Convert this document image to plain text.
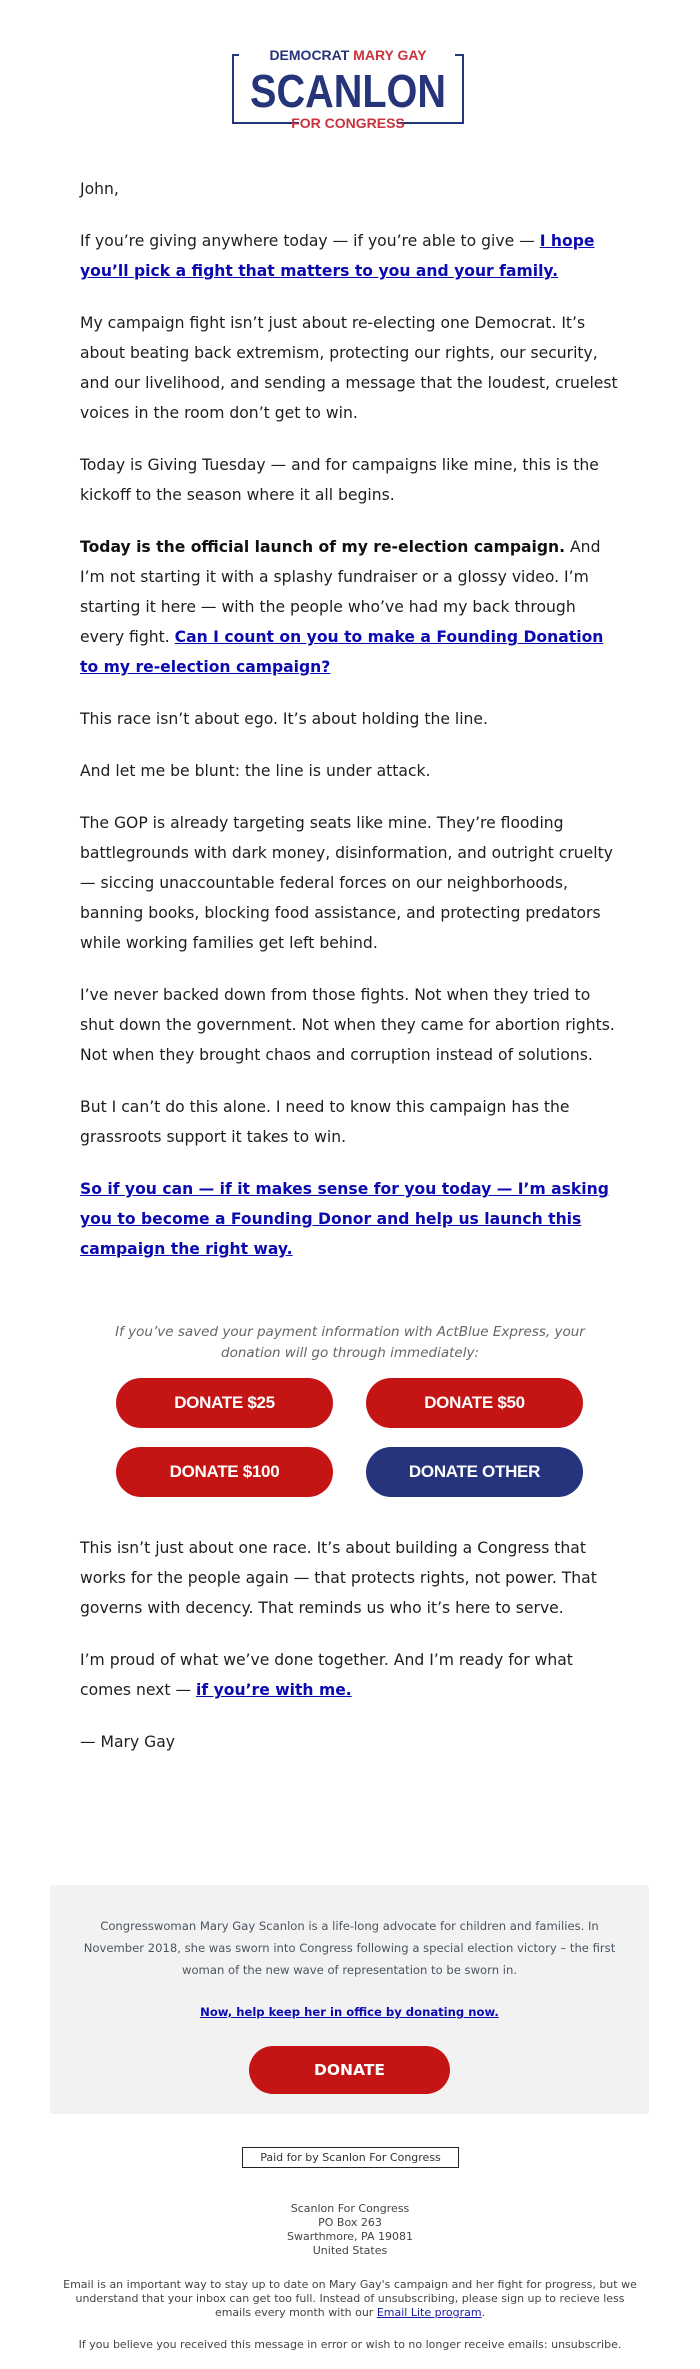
DEMOCRAT MARY GAY
SCANLON
FOR CONGRESS

John,

If you’re giving anywhere today — if you’re able to give — I hope you’ll pick a fight that matters to you and your family.

My campaign fight isn’t just about re-electing one Democrat. It’s about beating back extremism, protecting our rights, our security, and our livelihood, and sending a message that the loudest, cruelest voices in the room don’t get to win.

Today is Giving Tuesday — and for campaigns like mine, this is the kickoff to the season where it all begins.

Today is the official launch of my re-election campaign. And I’m not starting it with a splashy fundraiser or a glossy video. I’m starting it here — with the people who’ve had my back through every fight. Can I count on you to make a Founding Donation to my re-election campaign?

This race isn’t about ego. It’s about holding the line.

And let me be blunt: the line is under attack.

The GOP is already targeting seats like mine. They’re flooding battlegrounds with dark money, disinformation, and outright cruelty — siccing unaccountable federal forces on our neighborhoods, banning books, blocking food assistance, and protecting predators while working families get left behind.

I’ve never backed down from those fights. Not when they tried to shut down the government. Not when they came for abortion rights. Not when they brought chaos and corruption instead of solutions.

But I can’t do this alone. I need to know this campaign has the grassroots support it takes to win.

So if you can — if it makes sense for you today — I’m asking you to become a Founding Donor and help us launch this campaign the right way.

If you’ve saved your payment information with ActBlue Express, your donation will go through immediately:
DONATE $25	DONATE $50
DONATE $100	DONATE OTHER

This isn’t just about one race. It’s about building a Congress that works for the people again — that protects rights, not power. That governs with decency. That reminds us who it’s here to serve.

I’m proud of what we’ve done together. And I’m ready for what comes next — if you’re with me.

— Mary Gay

Congresswoman Mary Gay Scanlon is a life-long advocate for children and families. In November 2018, she was sworn into Congress following a special election victory – the first woman of the new wave of representation to be sworn in.
Now, help keep her in office by donating now.
DONATE
Paid for by Scanlon For Congress
Scanlon For Congress
PO Box 263
Swarthmore, PA 19081
United States
Email is an important way to stay up to date on Mary Gay's campaign and her fight for progress, but we understand that your inbox can get too full. Instead of unsubscribing, please sign up to recieve less emails every month with our Email Lite program.
If you believe you received this message in error or wish to no longer receive emails: unsubscribe.
